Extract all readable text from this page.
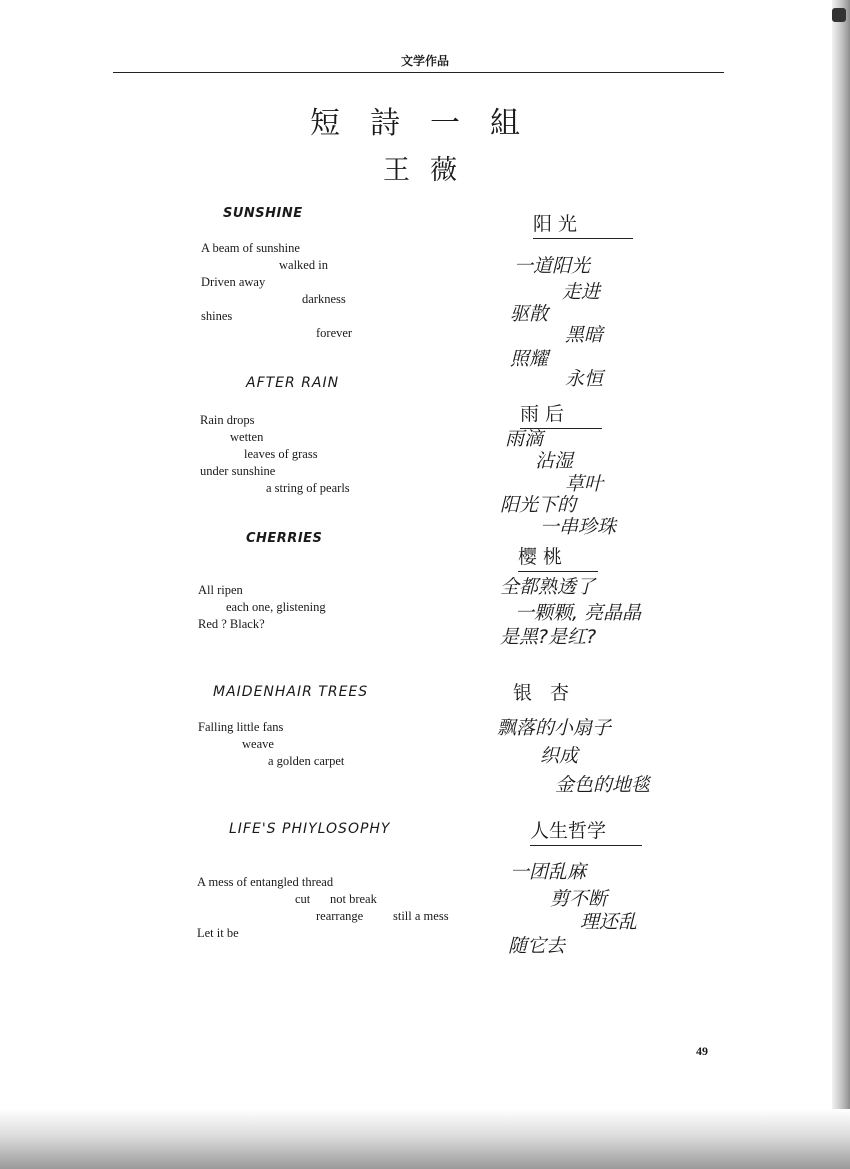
文学作品
短詩一組
王薇
SUNSHINE
A beam of sunshine
walked in
Driven away
darkness
shines
forever
阳 光
一道阳光
走进
驱散
黑暗
照耀
永恒
AFTER RAIN
Rain drops
wetten
leaves of grass
under sunshine
a string of pearls
雨 后
雨滴
沾湿
草叶
阳光下的
一串珍珠
CHERRIES
All ripen
each one, glistening
Red ? Black?
樱 桃
全都熟透了
一颗颗, 亮晶晶
是黑?是红?
MAIDENHAIR TREES
Falling little fans
weave
a golden carpet
银 杏
飘落的小扇子
织成
金色的地毯
LIFE'S PHIYLOSOPHY
A mess of entangled thread
cut not break
rearrange still a mess
Let it be
人生哲学
一团乱麻
剪不断
理还乱
随它去
49
